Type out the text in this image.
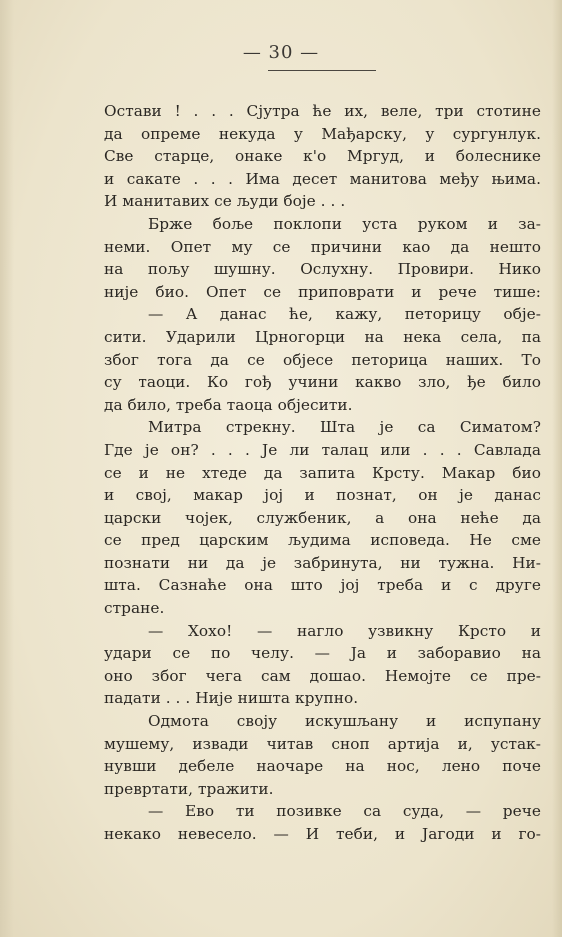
— 30 —
Остави ! . . . Сјутра ће их, веле, три стотине
да опреме некуда у Мађарску, у сургунлук.
Све старце, онаке к'о Мргуд, и болеснике
и сакате . . . Има десет манитова међу њима.
И манитавих се људи боје . . .
Брже боље поклопи уста руком и за-
неми. Опет му се причини као да нешто
на пољу шушну. Ослухну. Провири. Нико
није био. Опет се приповрати и рече тише:
— А данас ће, кажу, петорицу обје-
сити. Ударили Црногорци на нека села, па
због тога да се објесе петорица наших. То
су таоци. Ко гођ учини какво зло, ђе било
да било, треба таоца објесити.
Митра стрекну. Шта је са Симатом?
Где је он? . . . Је ли талац или . . . Савлада
се и не хтеде да запита Крсту. Макар био
и свој, макар јој и познат, он је данас
царски чојек, службеник, а она неће да
се пред царским људима исповеда. Не сме
познати ни да је забринута, ни тужна. Ни-
шта. Сазнаће она што јој треба и с друге
стране.
— Хохо! — нагло узвикну Крсто и
удари се по челу. — Ја и заборавио на
оно због чега сам дошао. Немојте се пре-
падати . . . Није ништа крупно.
Одмота своју искушљану и испупану
мушему, извади читав сноп артија и, устак-
нувши дебеле наочаре на нос, лено поче
превртати, тражити.
— Ево ти позивке са суда, — рече
некако невесело. — И теби, и Јагоди и го-
